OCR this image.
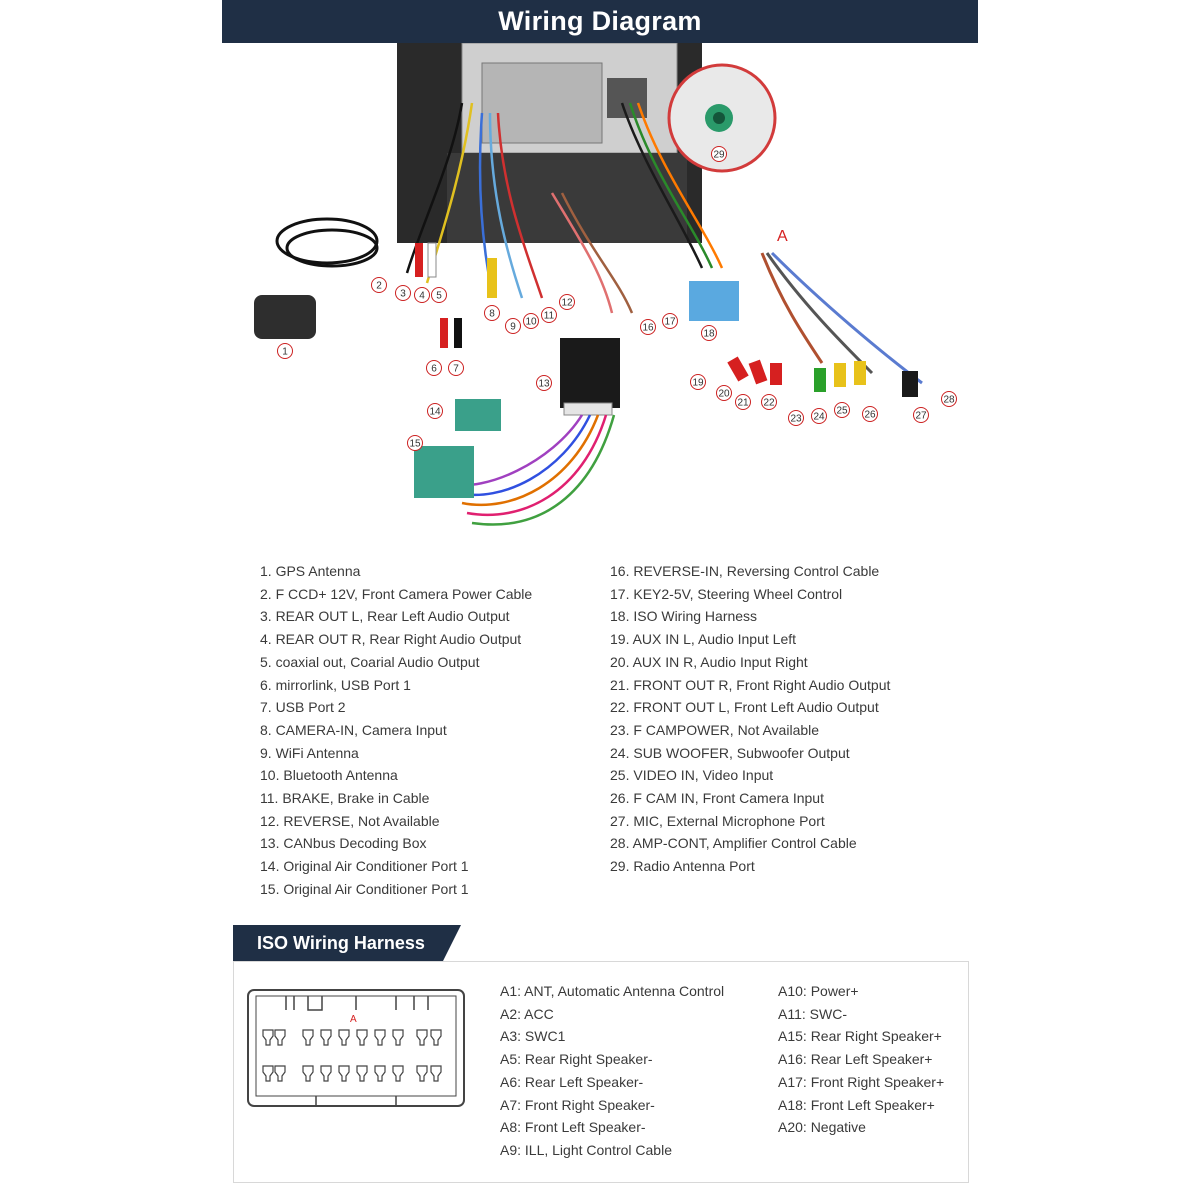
Wiring Diagram
A
1
2
3 4 5
6 7
8
9 10
11
12
13
14
15
16
17
18
19
20
21 22
23 24
25 26	27
28
29
1. GPS Antenna
2. F CCD+ 12V, Front Camera Power Cable
3. REAR OUT L, Rear Left Audio Output
4. REAR OUT R, Rear Right Audio Output
5. coaxial out, Coarial Audio Output
6. mirrorlink, USB Port 1
7. USB Port 2
8. CAMERA-IN, Camera Input
9. WiFi Antenna
10. Bluetooth Antenna
11. BRAKE, Brake in Cable
12. REVERSE, Not Available
13. CANbus Decoding Box
14. Original Air Conditioner Port 1
15. Original Air Conditioner Port 1
16. REVERSE-IN, Reversing Control Cable
17. KEY2-5V, Steering Wheel Control
18. ISO Wiring Harness
19. AUX IN L, Audio Input Left
20. AUX IN R, Audio Input Right
21. FRONT OUT R, Front Right Audio Output
22. FRONT OUT L, Front Left Audio Output
23. F CAMPOWER, Not Available
24. SUB WOOFER, Subwoofer Output
25. VIDEO IN, Video Input
26. F CAM IN, Front Camera Input
27. MIC, External Microphone Port
28. AMP-CONT, Amplifier Control Cable
29. Radio Antenna Port
ISO Wiring Harness
A
A1: ANT, Automatic Antenna Control
A2: ACC
A3: SWC1
A5: Rear Right Speaker-
A6: Rear Left Speaker-
A7: Front Right Speaker-
A8: Front Left Speaker-
A9: ILL, Light Control Cable
A10: Power+
A11: SWC-
A15: Rear Right Speaker+
A16: Rear Left Speaker+
A17: Front Right Speaker+
A18: Front Left Speaker+
A20: Negative
